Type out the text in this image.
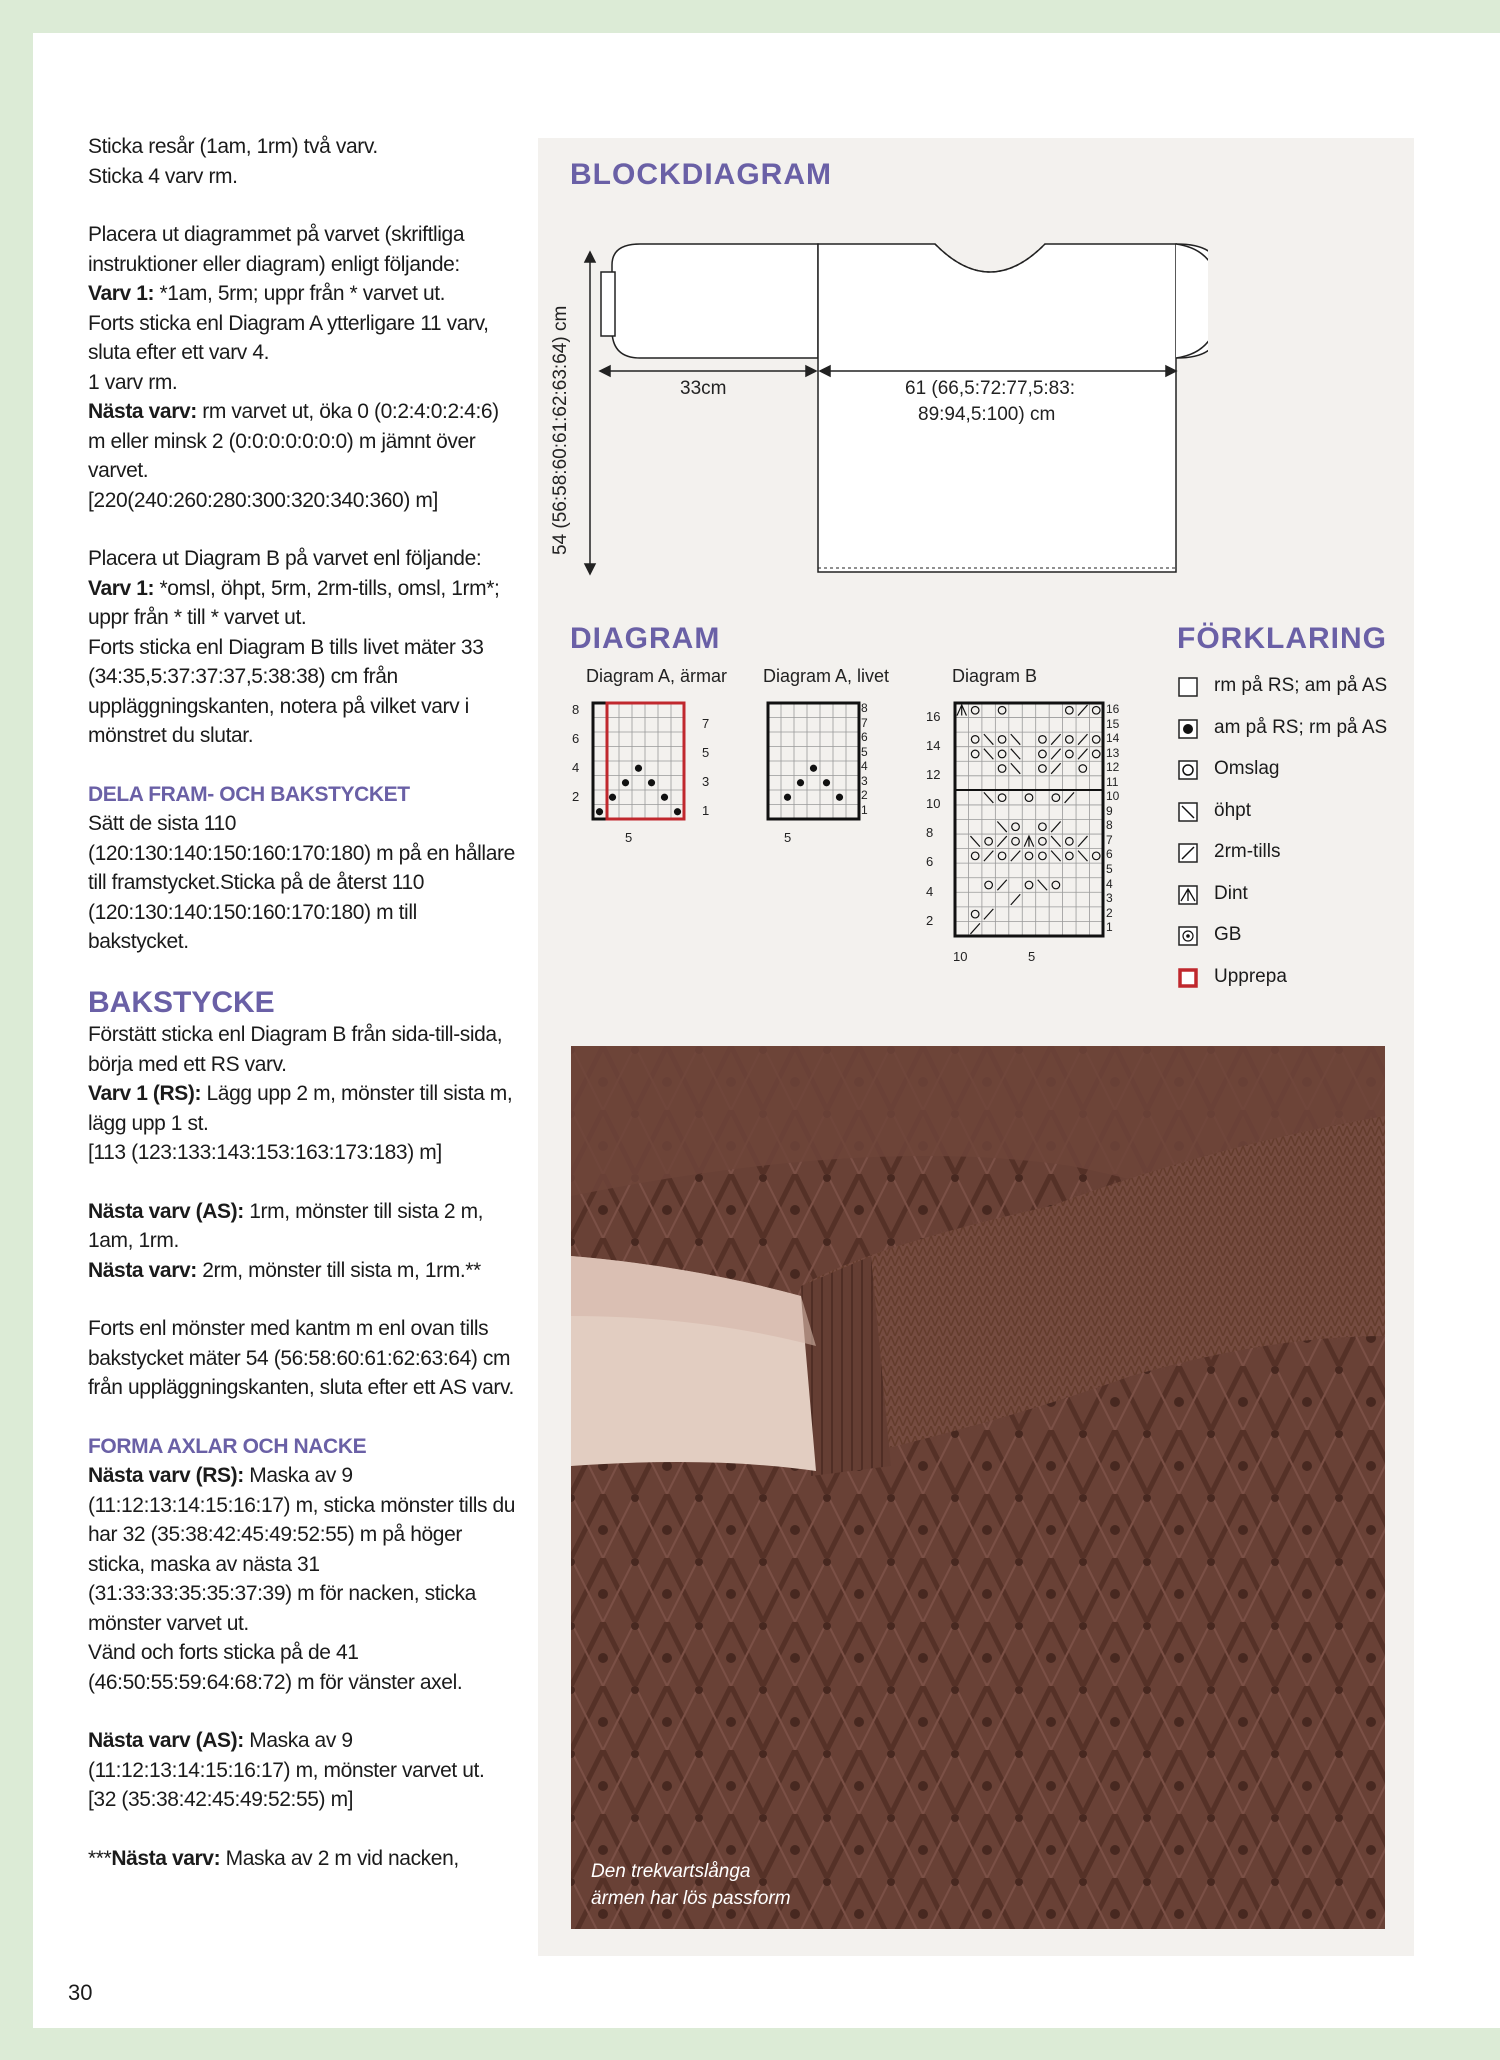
Sticka resår (1am, 1rm) två varv.
Sticka 4 varv rm.

Placera ut diagrammet på varvet (skriftliga instruktioner eller diagram) enligt följande:
Varv 1: *1am, 5rm; uppr från * varvet ut.
Forts sticka enl Diagram A ytterligare 11 varv, sluta efter ett varv 4.
1 varv rm.
Nästa varv: rm varvet ut, öka 0 (0:2:4:0:2:4:6) m eller minsk 2 (0:0:0:0:0:0:0) m jämnt över varvet.
[220(240:260:280:300:320:340:360) m]

Placera ut Diagram B på varvet enl följande:
Varv 1: *omsl, öhpt, 5rm, 2rm-tills, omsl, 1rm*; uppr från * till * varvet ut.
Forts sticka enl Diagram B tills livet mäter 33 (34:35,5:37:37:37,5:38:38) cm från uppläggningskanten, notera på vilket varv i mönstret du slutar.

DELA FRAM- OCH BAKSTYCKET
Sätt de sista 110 (120:130:140:150:160:170:180) m på en hållare till framstycket.Sticka på de återst 110 (120:130:140:150:160:170:180) m till bakstycket.

BAKSTYCKE
Förstätt sticka enl Diagram B från sida-till-sida, börja med ett RS varv.
Varv 1 (RS): Lägg upp 2 m, mönster till sista m, lägg upp 1 st.
[113 (123:133:143:153:163:173:183) m]

Nästa varv (AS): 1rm, mönster till sista 2 m, 1am, 1rm.
Nästa varv: 2rm, mönster till sista m, 1rm.**

Forts enl mönster med kantm m enl ovan tills bakstycket mäter 54 (56:58:60:61:62:63:64) cm från uppläggningskanten, sluta efter ett AS varv.

FORMA AXLAR OCH NACKE
Nästa varv (RS): Maska av 9 (11:12:13:14:15:16:17) m, sticka mönster tills du har 32 (35:38:42:45:49:52:55) m på höger sticka, maska av nästa 31 (31:33:33:35:35:37:39) m för nacken, sticka mönster varvet ut.
Vänd och forts sticka på de 41 (46:50:55:59:64:68:72) m för vänster axel.

Nästa varv (AS): Maska av 9 (11:12:13:14:15:16:17) m, mönster varvet ut.
[32 (35:38:42:45:49:52:55) m]

***Nästa varv: Maska av 2 m vid nacken,

30
BLOCKDIAGRAM
54 (56:58:60:61:62:63:64) cm	33cm	61 (66,5:72:77,5:83:
89:94,5:100) cm
DIAGRAM
Diagram A, ärmar Diagram A, livet	Diagram B
8
6
4
2
7
5
3
1
5
8
7
6
5
4
3
2
1
5
16
14
12
10
8
6
4
2
16
15
14
13
12
11
10
9
8
7
6
5
4
3
2
1
10	5
FÖRKLARING
rm på RS; am på AS
am på RS; rm på AS
Omslag
öhpt
2rm-tills
Dint
GB
Upprepa
Den trekvartslånga
ärmen har lös passform
